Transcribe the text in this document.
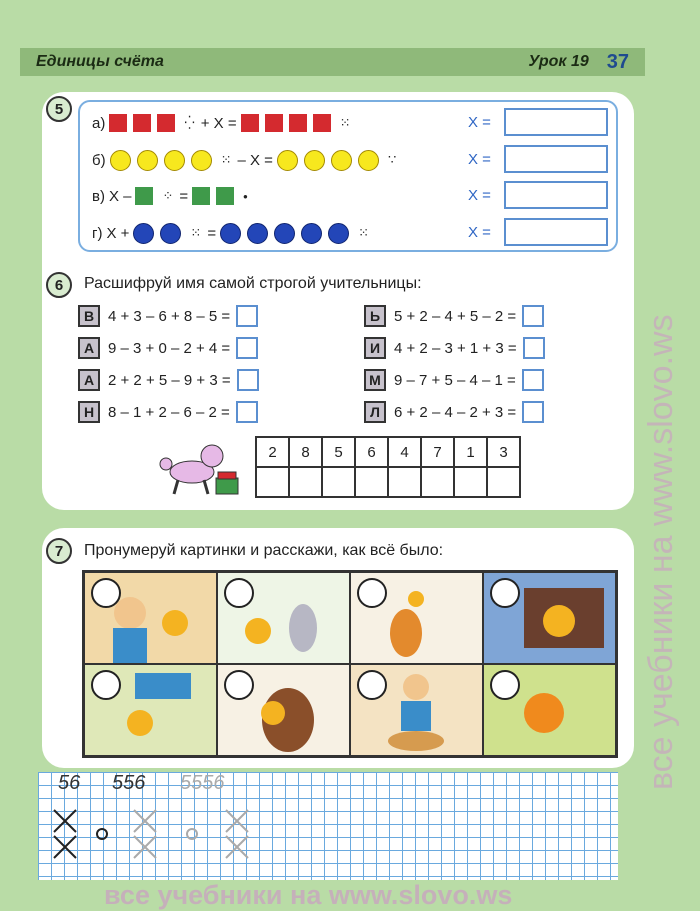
Единицы счёта	Урок 19 37
5
а)	⁛ + Х =	⁙
б)	⁙ – Х =	∵
в) Х – ⁘ =	•
г) Х +	⁙ =	⁙
Х =
Х =
Х =
Х =
6	Расшифруй имя самой строгой учительницы:
В 4 + 3 – 6 + 8 – 5 =
А 9 – 3 + 0 – 2 + 4 =
А 2 + 2 + 5 – 9 + 3 =
Н 8 – 1 + 2 – 6 – 2 =
Ь 5 + 2 – 4 + 5 – 2 =
И 4 + 2 – 3 + 1 + 3 =
М 9 – 7 + 5 – 4 – 1 =
Л 6 + 2 – 4 – 2 + 3 =
2	8	5	6	4	7	1	3

7	Пронумеруй картинки и расскажи, как всё было:
56 556 5556	все учебники на www.slovo.ws
все учебники на www.slovo.ws
